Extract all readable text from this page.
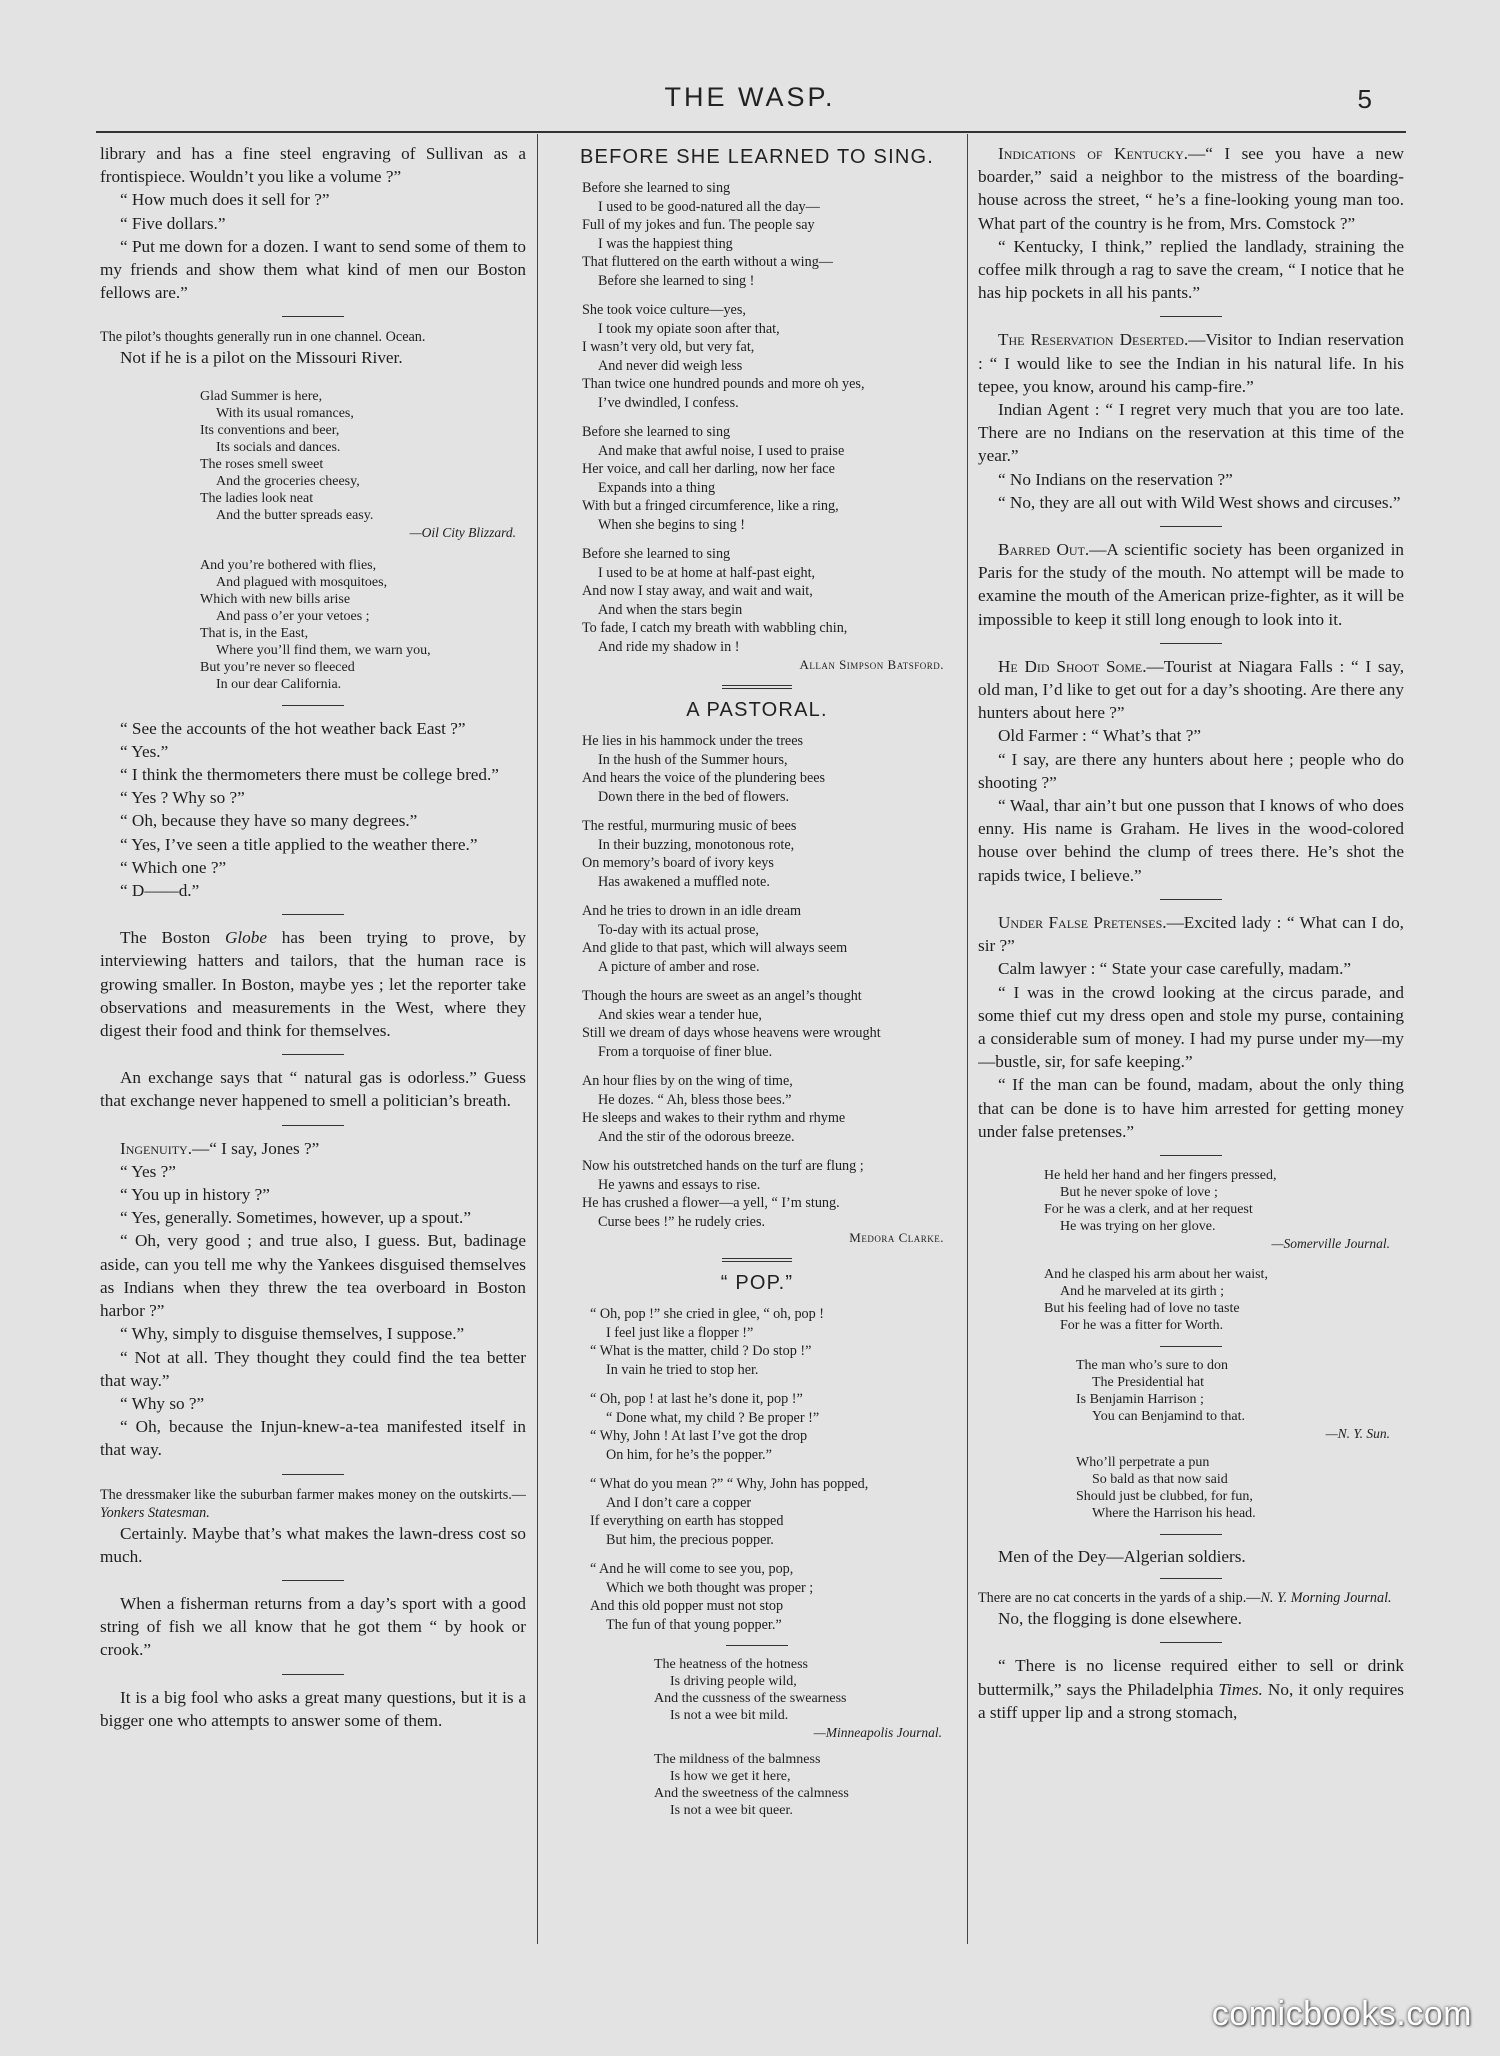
THE WASP.	5

library and has a fine steel engraving of Sullivan as a frontispiece. Wouldn’t you like a volume ?”

“ How much does it sell for ?”

“ Five dollars.”

“ Put me down for a dozen. I want to send some of them to my friends and show them what kind of men our Boston fellows are.”

The pilot’s thoughts generally run in one channel. Ocean.

Not if he is a pilot on the Missouri River.

Glad Summer is here,
With its usual romances,
Its conventions and beer,
Its socials and dances.
The roses smell sweet
And the groceries cheesy,
The ladies look neat
And the butter spreads easy.
—Oil City Blizzard.
And you’re bothered with flies,
And plagued with mosquitoes,
Which with new bills arise
And pass o’er your vetoes ;
That is, in the East,
Where you’ll find them, we warn you,
But you’re never so fleeced
In our dear California.

“ See the accounts of the hot weather back East ?”

“ Yes.”

“ I think the thermometers there must be college bred.”

“ Yes ? Why so ?”

“ Oh, because they have so many degrees.”

“ Yes, I’ve seen a title applied to the weather there.”

“ Which one ?”

“ D——d.”

The Boston Globe has been trying to prove, by interviewing hatters and tailors, that the human race is growing smaller. In Boston, maybe yes ; let the reporter take observations and measurements in the West, where they digest their food and think for themselves.

An exchange says that “ natural gas is odorless.” Guess that exchange never happened to smell a politician’s breath.

Ingenuity.—“ I say, Jones ?”

“ Yes ?”

“ You up in history ?”

“ Yes, generally. Sometimes, however, up a spout.”

“ Oh, very good ; and true also, I guess. But, badinage aside, can you tell me why the Yankees disguised themselves as Indians when they threw the tea overboard in Boston harbor ?”

“ Why, simply to disguise themselves, I suppose.”

“ Not at all. They thought they could find the tea better that way.”

“ Why so ?”

“ Oh, because the Injun-knew-a-tea manifested itself in that way.

The dressmaker like the suburban farmer makes money on the outskirts.—Yonkers Statesman.

Certainly. Maybe that’s what makes the lawn-dress cost so much.

When a fisherman returns from a day’s sport with a good string of fish we all know that he got them “ by hook or crook.”

It is a big fool who asks a great many questions, but it is a bigger one who attempts to answer some of them.

BEFORE SHE LEARNED TO SING.
Before she learned to sing
I used to be good-natured all the day—
Full of my jokes and fun. The people say
I was the happiest thing
That fluttered on the earth without a wing—
Before she learned to sing !
She took voice culture—yes,
I took my opiate soon after that,
I wasn’t very old, but very fat,
And never did weigh less
Than twice one hundred pounds and more oh yes,
I’ve dwindled, I confess.
Before she learned to sing
And make that awful noise, I used to praise
Her voice, and call her darling, now her face
Expands into a thing
With but a fringed circumference, like a ring,
When she begins to sing !
Before she learned to sing
I used to be at home at half-past eight,
And now I stay away, and wait and wait,
And when the stars begin
To fade, I catch my breath with wabbling chin,
And ride my shadow in !
Allan Simpson Batsford.
A PASTORAL.
He lies in his hammock under the trees
In the hush of the Summer hours,
And hears the voice of the plundering bees
Down there in the bed of flowers.
The restful, murmuring music of bees
In their buzzing, monotonous rote,
On memory’s board of ivory keys
Has awakened a muffled note.
And he tries to drown in an idle dream
To-day with its actual prose,
And glide to that past, which will always seem
A picture of amber and rose.
Though the hours are sweet as an angel’s thought
And skies wear a tender hue,
Still we dream of days whose heavens were wrought
From a torquoise of finer blue.
An hour flies by on the wing of time,
He dozes. “ Ah, bless those bees.”
He sleeps and wakes to their rythm and rhyme
And the stir of the odorous breeze.
Now his outstretched hands on the turf are flung ;
He yawns and essays to rise.
He has crushed a flower—a yell, “ I’m stung.
Curse bees !” he rudely cries.
Medora Clarke.
“ POP.”
“ Oh, pop !” she cried in glee, “ oh, pop !
I feel just like a flopper !”
“ What is the matter, child ? Do stop !”
In vain he tried to stop her.
“ Oh, pop ! at last he’s done it, pop !”
“ Done what, my child ? Be proper !”
“ Why, John ! At last I’ve got the drop
On him, for he’s the popper.”
“ What do you mean ?” “ Why, John has popped,
And I don’t care a copper
If everything on earth has stopped
But him, the precious popper.
“ And he will come to see you, pop,
Which we both thought was proper ;
And this old popper must not stop
The fun of that young popper.”
The heatness of the hotness
Is driving people wild,
And the cussness of the swearness
Is not a wee bit mild.
—Minneapolis Journal.
The mildness of the balmness
Is how we get it here,
And the sweetness of the calmness
Is not a wee bit queer.

Indications of Kentucky.—“ I see you have a new boarder,” said a neighbor to the mistress of the boarding-house across the street, “ he’s a fine-looking young man too. What part of the country is he from, Mrs. Comstock ?”

“ Kentucky, I think,” replied the landlady, straining the coffee milk through a rag to save the cream, “ I notice that he has hip pockets in all his pants.”

The Reservation Deserted.—Visitor to Indian reservation : “ I would like to see the Indian in his natural life. In his tepee, you know, around his camp-fire.”

Indian Agent : “ I regret very much that you are too late. There are no Indians on the reservation at this time of the year.”

“ No Indians on the reservation ?”

“ No, they are all out with Wild West shows and circuses.”

Barred Out.—A scientific society has been organized in Paris for the study of the mouth. No attempt will be made to examine the mouth of the American prize-fighter, as it will be impossible to keep it still long enough to look into it.

He Did Shoot Some.—Tourist at Niagara Falls : “ I say, old man, I’d like to get out for a day’s shooting. Are there any hunters about here ?”

Old Farmer : “ What’s that ?”

“ I say, are there any hunters about here ; people who do shooting ?”

“ Waal, thar ain’t but one pusson that I knows of who does enny. His name is Graham. He lives in the wood-colored house over behind the clump of trees there. He’s shot the rapids twice, I believe.”

Under False Pretenses.—Excited lady : “ What can I do, sir ?”

Calm lawyer : “ State your case carefully, madam.”

“ I was in the crowd looking at the circus parade, and some thief cut my dress open and stole my purse, containing a considerable sum of money. I had my purse under my—my—bustle, sir, for safe keeping.”

“ If the man can be found, madam, about the only thing that can be done is to have him arrested for getting money under false pretenses.”

He held her hand and her fingers pressed,
But he never spoke of love ;
For he was a clerk, and at her request
He was trying on her glove.
—Somerville Journal.
And he clasped his arm about her waist,
And he marveled at its girth ;
But his feeling had of love no taste
For he was a fitter for Worth.
The man who’s sure to don
The Presidential hat
Is Benjamin Harrison ;
You can Benjamind to that.
—N. Y. Sun.
Who’ll perpetrate a pun
So bald as that now said
Should just be clubbed, for fun,
Where the Harrison his head.

Men of the Dey—Algerian soldiers.

There are no cat concerts in the yards of a ship.—N. Y. Morning Journal.

No, the flogging is done elsewhere.

“ There is no license required either to sell or drink buttermilk,” says the Philadelphia Times. No, it only requires a stiff upper lip and a strong stomach,

comicbooks.com
